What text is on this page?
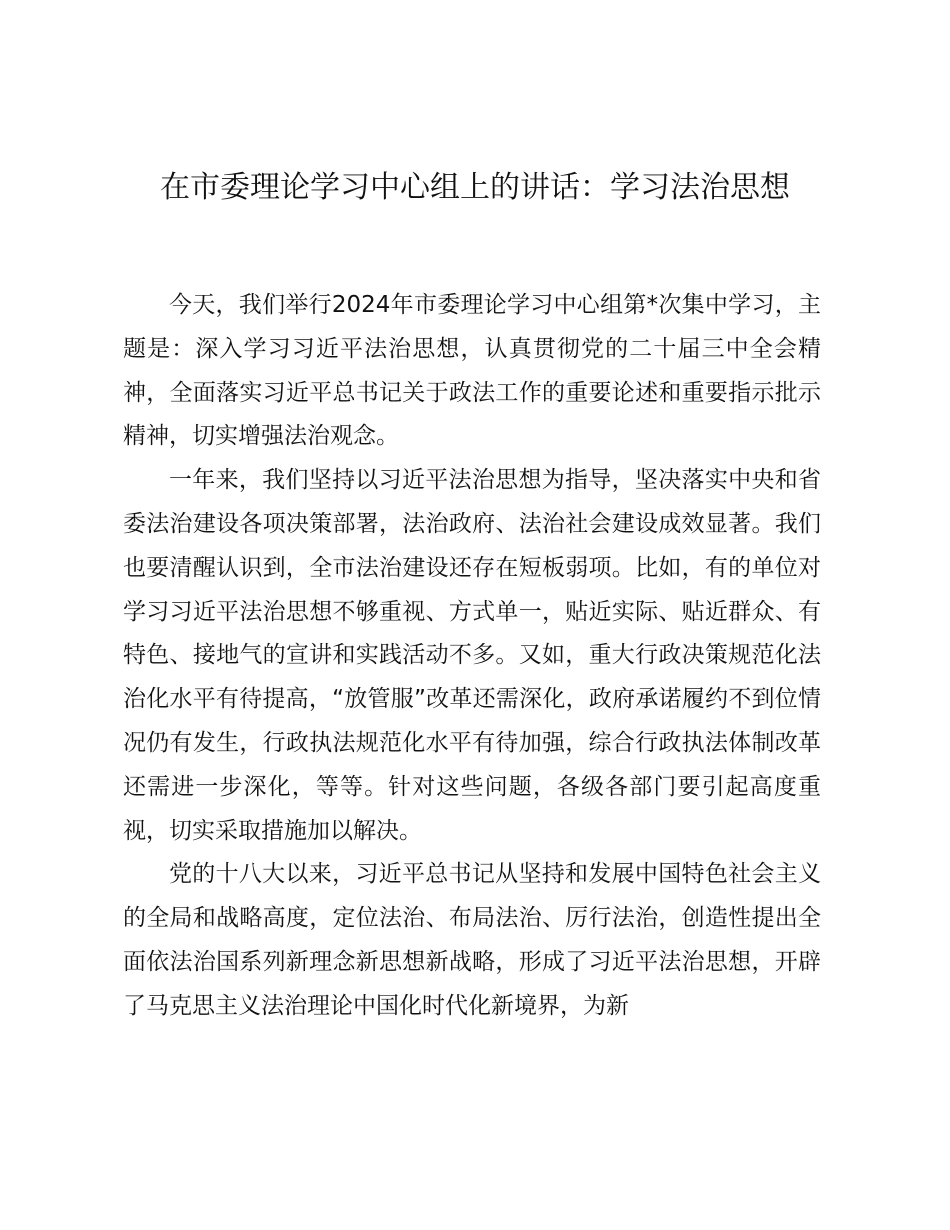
在市委理论学习中心组上的讲话：学习法治思想

今天，我们举行2024年市委理论学习中心组第*次集中学习，主题是：深入学习习近平法治思想，认真贯彻党的二十届三中全会精神，全面落实习近平总书记关于政法工作的重要论述和重要指示批示精神，切实增强法治观念。

一年来，我们坚持以习近平法治思想为指导，坚决落实中央和省委法治建设各项决策部署，法治政府、法治社会建设成效显著。我们也要清醒认识到，全市法治建设还存在短板弱项。比如，有的单位对学习习近平法治思想不够重视、方式单一，贴近实际、贴近群众、有特色、接地气的宣讲和实践活动不多。又如，重大行政决策规范化法治化水平有待提高，“放管服”改革还需深化，政府承诺履约不到位情况仍有发生，行政执法规范化水平有待加强，综合行政执法体制改革还需进一步深化，等等。针对这些问题，各级各部门要引起高度重视，切实采取措施加以解决。

党的十八大以来，习近平总书记从坚持和发展中国特色社会主义的全局和战略高度，定位法治、布局法治、厉行法治，创造性提出全面依法治国系列新理念新思想新战略，形成了习近平法治思想，开辟了马克思主义法治理论中国化时代化新境界，为新
